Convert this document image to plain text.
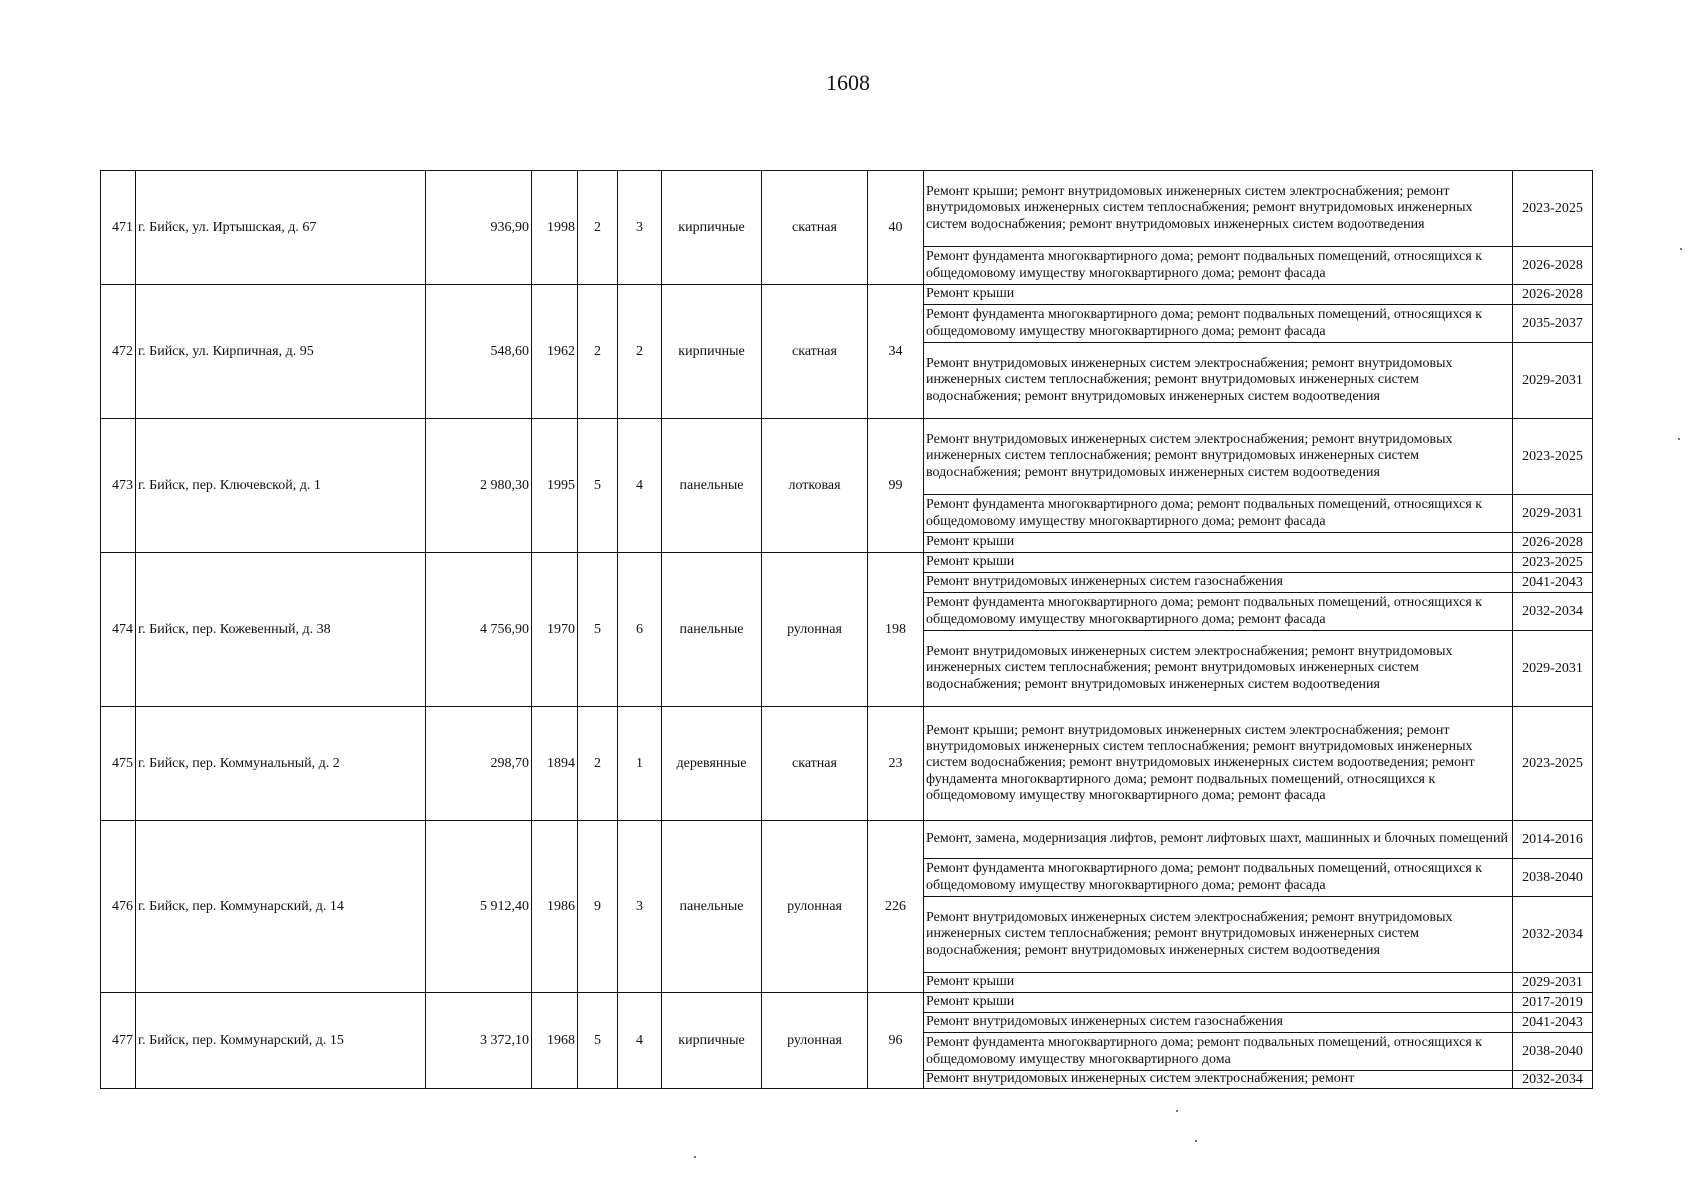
1608
471	г. Бийск, ул. Иртышская, д. 67	936,90	1998	2	3	кирпичные	скатная	40	Ремонт крыши; ремонт внутридомовых инженерных систем электроснабжения; ремонт внутридомовых инженерных систем теплоснабжения; ремонт внутридомовых инженерных систем водоснабжения; ремонт внутридомовых инженерных систем водоотведения	2023-2025
									Ремонт фундамента многоквартирного дома; ремонт подвальных помещений, относящихся к общедомовому имуществу многоквартирного дома; ремонт фасада	2026-2028
472	г. Бийск, ул. Кирпичная, д. 95	548,60	1962	2	2	кирпичные	скатная	34	Ремонт крыши	2026-2028
									Ремонт фундамента многоквартирного дома; ремонт подвальных помещений, относящихся к общедомовому имуществу многоквартирного дома; ремонт фасада	2035-2037
									Ремонт внутридомовых инженерных систем электроснабжения; ремонт внутридомовых инженерных систем теплоснабжения; ремонт внутридомовых инженерных систем водоснабжения; ремонт внутридомовых инженерных систем водоотведения	2029-2031
473	г. Бийск, пер. Ключевской, д. 1	2 980,30	1995	5	4	панельные	лотковая	99	Ремонт внутридомовых инженерных систем электроснабжения; ремонт внутридомовых инженерных систем теплоснабжения; ремонт внутридомовых инженерных систем водоснабжения; ремонт внутридомовых инженерных систем водоотведения	2023-2025
									Ремонт фундамента многоквартирного дома; ремонт подвальных помещений, относящихся к общедомовому имуществу многоквартирного дома; ремонт фасада	2029-2031
									Ремонт крыши	2026-2028
474	г. Бийск, пер. Кожевенный, д. 38	4 756,90	1970	5	6	панельные	рулонная	198	Ремонт крыши	2023-2025
									Ремонт внутридомовых инженерных систем газоснабжения	2041-2043
									Ремонт фундамента многоквартирного дома; ремонт подвальных помещений, относящихся к общедомовому имуществу многоквартирного дома; ремонт фасада	2032-2034
									Ремонт внутридомовых инженерных систем электроснабжения; ремонт внутридомовых инженерных систем теплоснабжения; ремонт внутридомовых инженерных систем водоснабжения; ремонт внутридомовых инженерных систем водоотведения	2029-2031
475	г. Бийск, пер. Коммунальный, д. 2	298,70	1894	2	1	деревянные	скатная	23	Ремонт крыши; ремонт внутридомовых инженерных систем электроснабжения; ремонт внутридомовых инженерных систем теплоснабжения; ремонт внутридомовых инженерных систем водоснабжения; ремонт внутридомовых инженерных систем водоотведения; ремонт фундамента многоквартирного дома; ремонт подвальных помещений, относящихся к общедомовому имуществу многоквартирного дома; ремонт фасада	2023-2025
476	г. Бийск, пер. Коммунарский, д. 14	5 912,40	1986	9	3	панельные	рулонная	226	Ремонт, замена, модернизация лифтов, ремонт лифтовых шахт, машинных и блочных помещений	2014-2016
									Ремонт фундамента многоквартирного дома; ремонт подвальных помещений, относящихся к общедомовому имуществу многоквартирного дома; ремонт фасада	2038-2040
									Ремонт внутридомовых инженерных систем электроснабжения; ремонт внутридомовых инженерных систем теплоснабжения; ремонт внутридомовых инженерных систем водоснабжения; ремонт внутридомовых инженерных систем водоотведения	2032-2034
									Ремонт крыши	2029-2031
477	г. Бийск, пер. Коммунарский, д. 15	3 372,10	1968	5	4	кирпичные	рулонная	96	Ремонт крыши	2017-2019
									Ремонт внутридомовых инженерных систем газоснабжения	2041-2043
									Ремонт фундамента многоквартирного дома; ремонт подвальных помещений, относящихся к общедомовому имуществу многоквартирного дома	2038-2040
									Ремонт внутридомовых инженерных систем электроснабжения; ремонт	2032-2034
